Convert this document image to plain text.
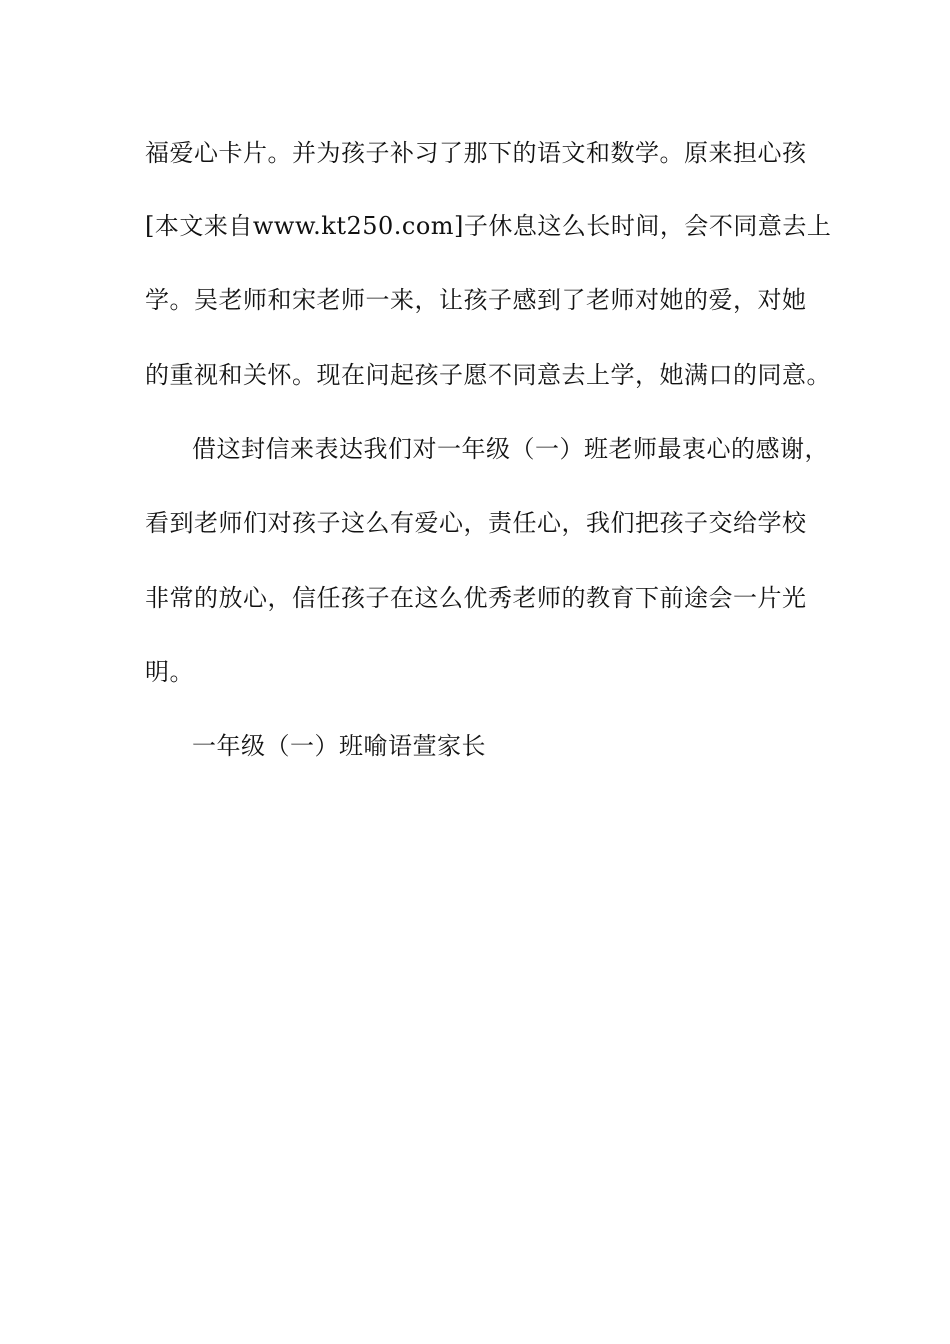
福爱心卡片。并为孩子补习了那下的语文和数学。原来担心孩
[本文来自www.kt250.com]子休息这么长时间，会不同意去上
学。吴老师和宋老师一来，让孩子感到了老师对她的爱，对她
的重视和关怀。现在问起孩子愿不同意去上学，她满口的同意。
借这封信来表达我们对一年级（一）班老师最衷心的感谢，
看到老师们对孩子这么有爱心，责任心，我们把孩子交给学校
非常的放心，信任孩子在这么优秀老师的教育下前途会一片光
明。
一年级（一）班喻语萱家长
